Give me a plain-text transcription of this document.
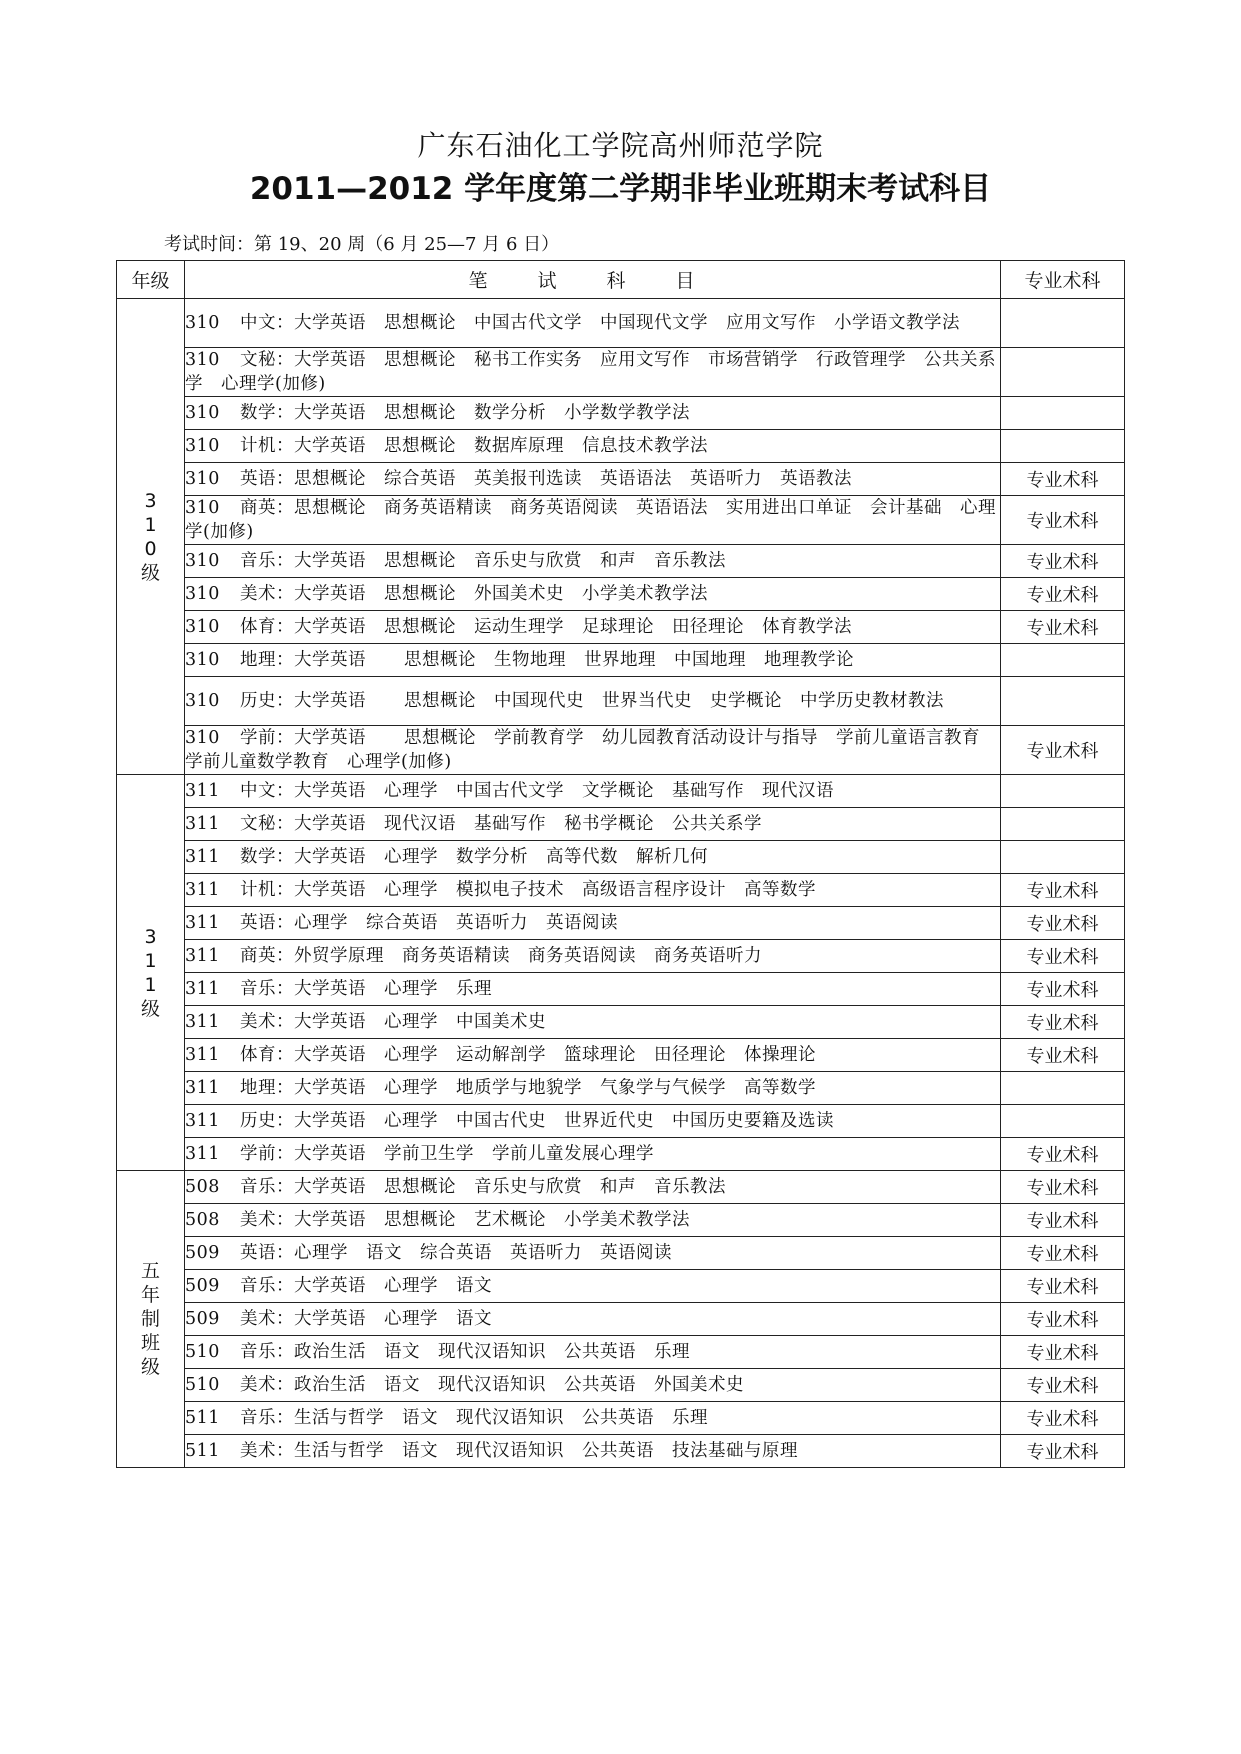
广东石油化工学院高州师范学院
2011—2012 学年度第二学期非毕业班期末考试科目
考试时间：第 19、20 周（6 月 25—7 月 6 日）
年级	笔 试 科 目	专业术科
310级	310 中文：大学英语　思想概论　中国古代文学　中国现代文学　应用文写作　小学语文教学法	
	310 文秘：大学英语　思想概论　秘书工作实务　应用文写作　市场营销学　行政管理学　公共关系学　心理学(加修)	
	310 数学：大学英语　思想概论　数学分析　小学数学教学法	
	310 计机：大学英语　思想概论　数据库原理　信息技术教学法	
	310 英语：思想概论　综合英语　英美报刊选读　英语语法　英语听力　英语教法	专业术科
	310 商英：思想概论　商务英语精读　商务英语阅读　英语语法　实用进出口单证　会计基础　心理学(加修)	专业术科
	310 音乐：大学英语　思想概论　音乐史与欣赏　和声　音乐教法	专业术科
	310 美术：大学英语　思想概论　外国美术史　小学美术教学法	专业术科
	310 体育：大学英语　思想概论　运动生理学　足球理论　田径理论　体育教学法	专业术科
	310 地理：大学英语　 思想概论　生物地理　世界地理　中国地理　地理教学论	
	310 历史：大学英语　 思想概论　中国现代史　世界当代史　史学概论　中学历史教材教法	
	310 学前：大学英语　 思想概论　学前教育学　幼儿园教育活动设计与指导　学前儿童语言教育　学前儿童数学教育　心理学(加修)	专业术科
311级	311 中文：大学英语　心理学　中国古代文学　文学概论　基础写作　现代汉语	
	311 文秘：大学英语　现代汉语　基础写作　秘书学概论　公共关系学	
	311 数学：大学英语　心理学　数学分析　高等代数　解析几何	
	311 计机：大学英语　心理学　模拟电子技术　高级语言程序设计　高等数学	专业术科
	311 英语：心理学　综合英语　英语听力　英语阅读	专业术科
	311 商英：外贸学原理　商务英语精读　商务英语阅读　商务英语听力	专业术科
	311 音乐：大学英语　心理学　乐理	专业术科
	311 美术：大学英语　心理学　中国美术史	专业术科
	311 体育：大学英语　心理学　运动解剖学　篮球理论　田径理论　体操理论	专业术科
	311 地理：大学英语　心理学　地质学与地貌学　气象学与气候学　高等数学	
	311 历史：大学英语　心理学　中国古代史　世界近代史　中国历史要籍及选读	
	311 学前：大学英语　学前卫生学　学前儿童发展心理学	专业术科
五年制班级	508 音乐：大学英语　思想概论　音乐史与欣赏　和声　音乐教法	专业术科
	508 美术：大学英语　思想概论　艺术概论　小学美术教学法	专业术科
	509 英语：心理学　语文　综合英语　英语听力　英语阅读	专业术科
	509 音乐：大学英语　心理学　语文	专业术科
	509 美术：大学英语　心理学　语文	专业术科
	510 音乐：政治生活　语文　现代汉语知识　公共英语　乐理	专业术科
	510 美术：政治生活　语文　现代汉语知识　公共英语　外国美术史	专业术科
	511 音乐：生活与哲学　语文　现代汉语知识　公共英语　乐理	专业术科
	511 美术：生活与哲学　语文　现代汉语知识　公共英语　技法基础与原理	专业术科
